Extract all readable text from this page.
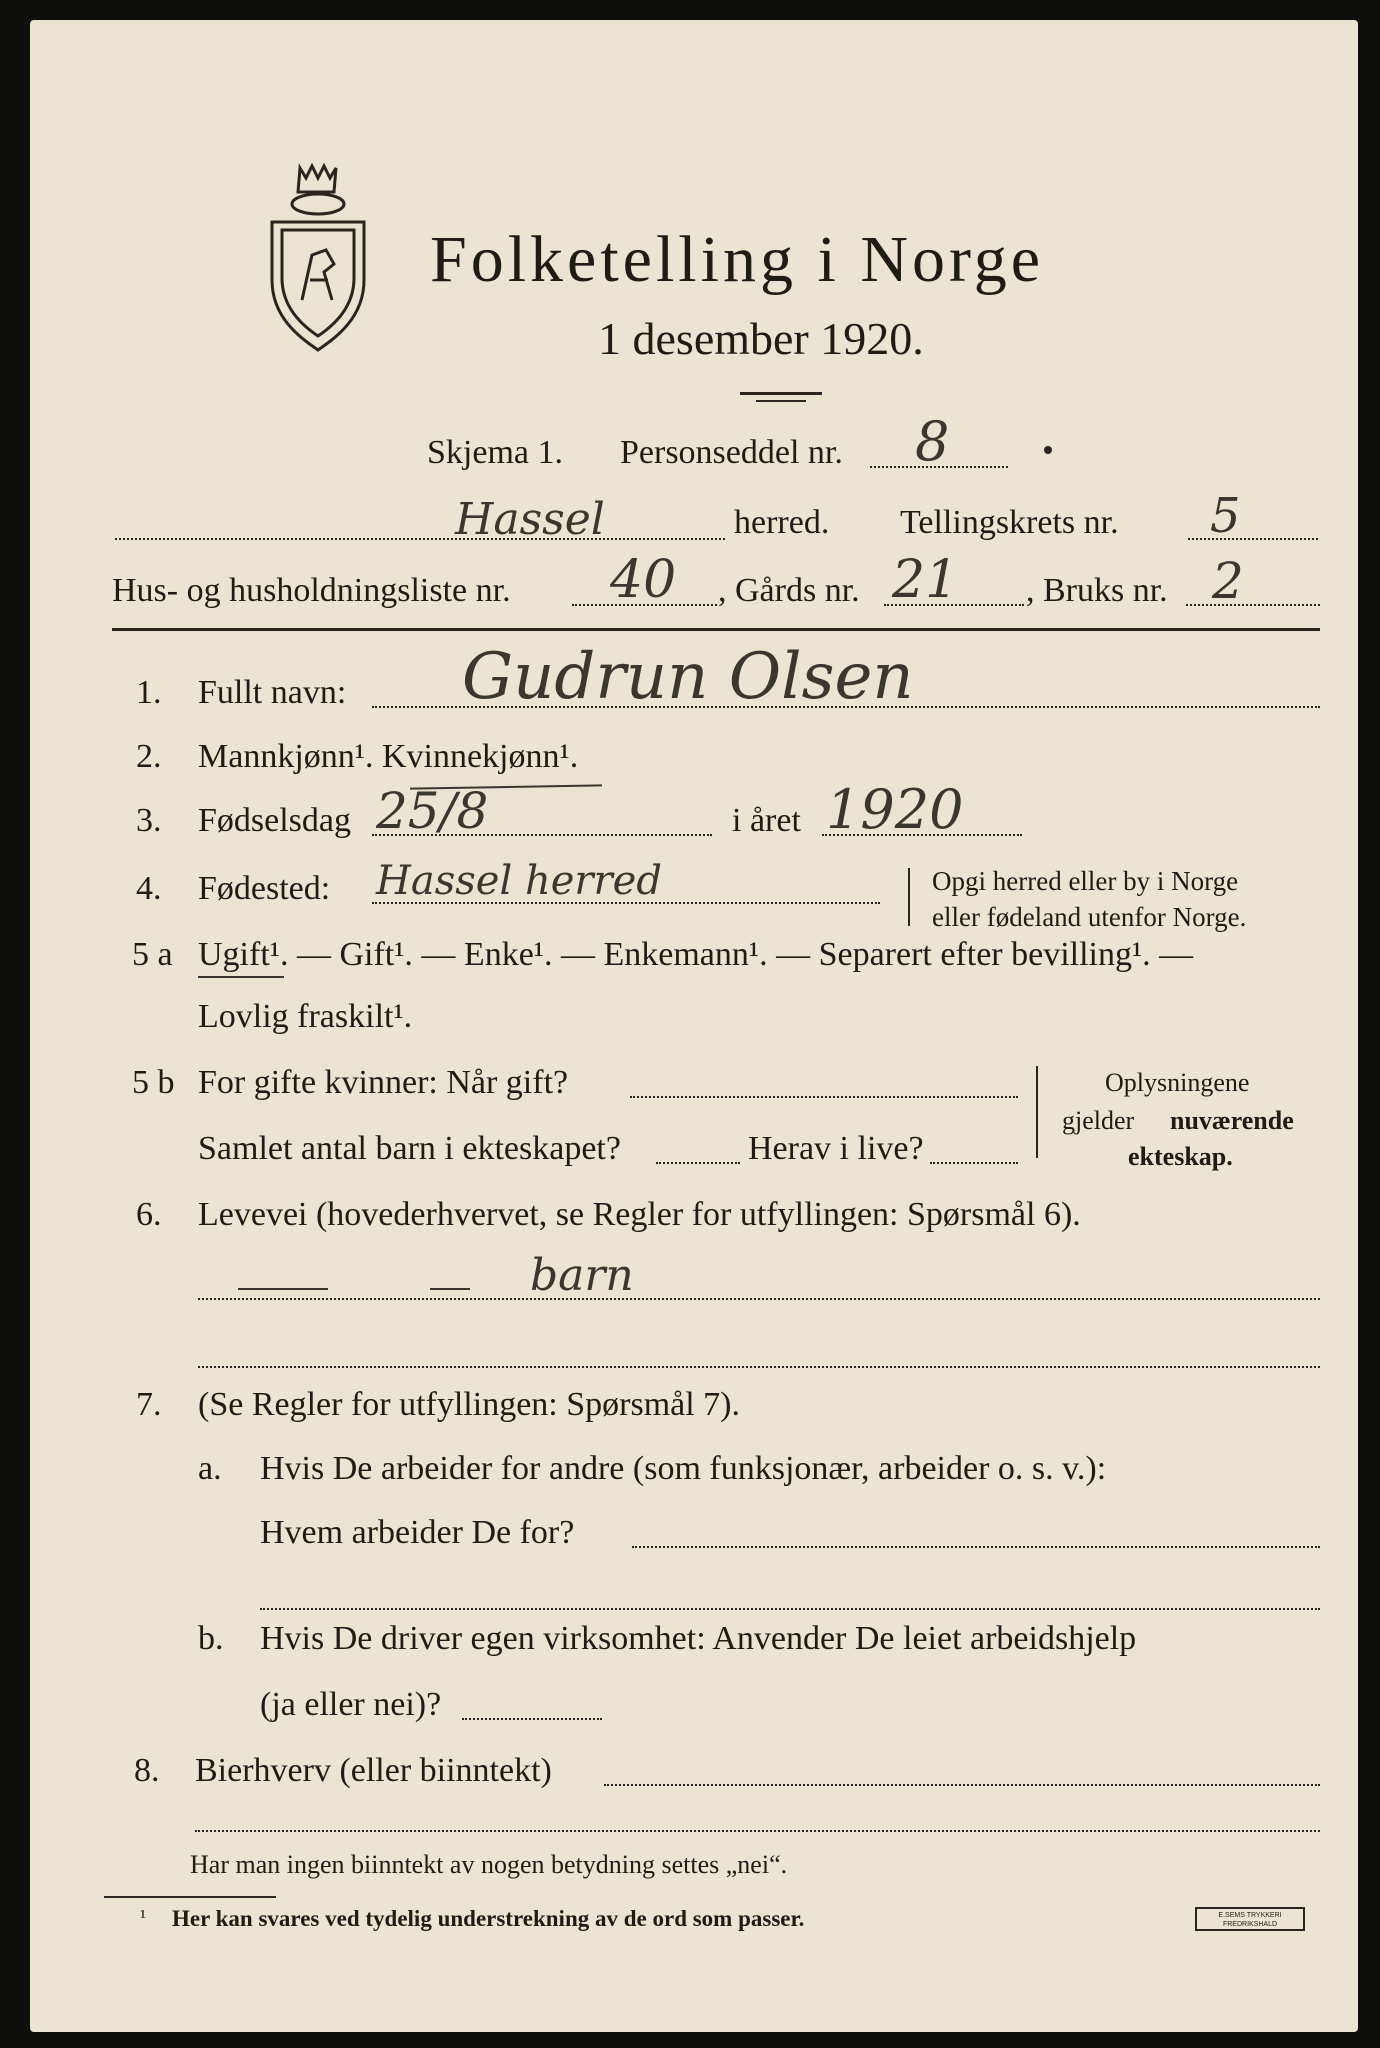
Folketelling i Norge
1 desember 1920.
Skjema 1. Personseddel nr. 8
Hassel	herred. Tellingskrets nr. 5
Hus- og husholdningsliste nr. 40 , Gårds nr. 21 , Bruks nr. 2
1. Fullt navn: Gudrun Olsen
2. Mannkjønn¹. Kvinnekjønn¹.
3. Fødselsdag 25/8	i året 1920
4. Fødested: Hassel herred	Opgi herred eller by i Norge
eller fødeland utenfor Norge.
5 a Ugift¹. — Gift¹. — Enke¹. — Enkemann¹. — Separert efter bevilling¹. —
Lovlig fraskilt¹.
5 b For gifte kvinner: Når gift?
Samlet antal barn i ekteskapet?	Herav i live?
Oplysningene
gjelder nuværende
ekteskap.
6. Levevei (hovederhvervet, se Regler for utfyllingen: Spørsmål 6).
barn
7. (Se Regler for utfyllingen: Spørsmål 7).
a. Hvis De arbeider for andre (som funksjonær, arbeider o. s. v.):
Hvem arbeider De for?
b. Hvis De driver egen virksomhet: Anvender De leiet arbeidshjelp
(ja eller nei)?
8. Bierhverv (eller biinntekt)
Har man ingen biinntekt av nogen betydning settes „nei“.
¹ Her kan svares ved tydelig understrekning av de ord som passer.	E.SEMS TRYKKERI FREDRIKSHALD
